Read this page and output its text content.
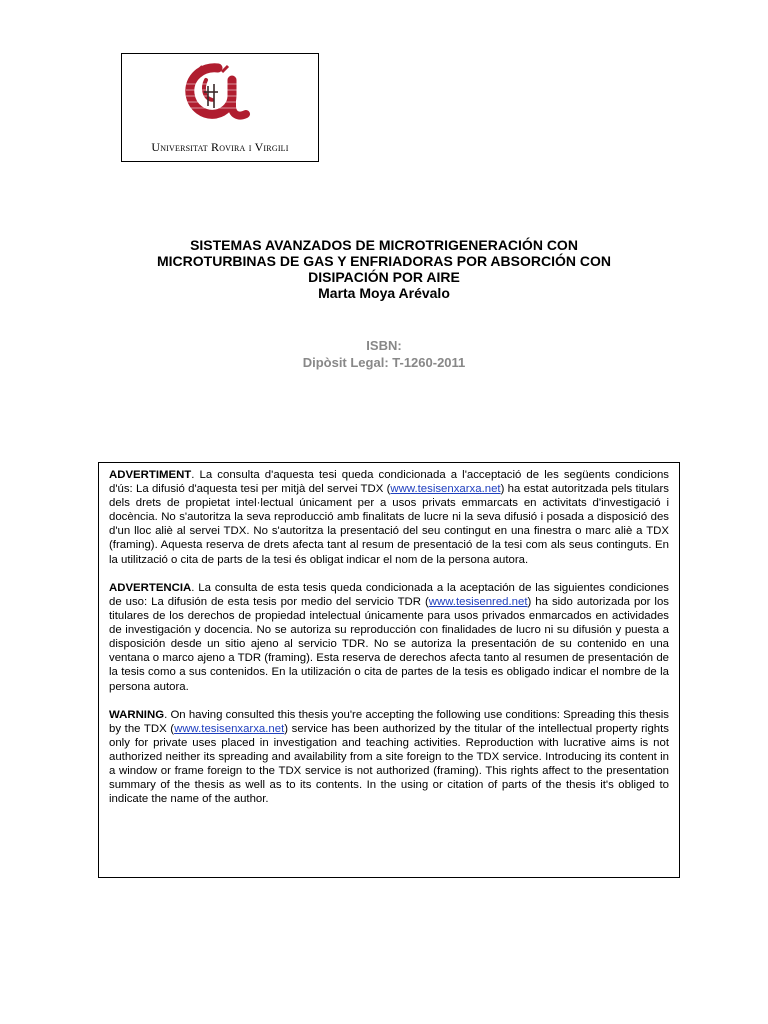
Universitat Rovira i Virgili
SISTEMAS AVANZADOS DE MICROTRIGENERACIÓN CON
MICROTURBINAS DE GAS Y ENFRIADORAS POR ABSORCIÓN CON
DISIPACIÓN POR AIRE
Marta Moya Arévalo
ISBN:
Dipòsit Legal: T-1260-2011

ADVERTIMENT. La consulta d'aquesta tesi queda condicionada a l'acceptació de les següents condicions d'ús: La difusió d'aquesta tesi per mitjà del servei TDX (www.tesisenxarxa.net) ha estat autoritzada pels titulars dels drets de propietat intel·lectual únicament per a usos privats emmarcats en activitats d'investigació i docència. No s'autoritza la seva reproducció amb finalitats de lucre ni la seva difusió i posada a disposició des d'un lloc aliè al servei TDX. No s'autoritza la presentació del seu contingut en una finestra o marc aliè a TDX (framing). Aquesta reserva de drets afecta tant al resum de presentació de la tesi com als seus continguts. En la utilització o cita de parts de la tesi és obligat indicar el nom de la persona autora.

ADVERTENCIA. La consulta de esta tesis queda condicionada a la aceptación de las siguientes condiciones de uso: La difusión de esta tesis por medio del servicio TDR (www.tesisenred.net) ha sido autorizada por los titulares de los derechos de propiedad intelectual únicamente para usos privados enmarcados en actividades de investigación y docencia. No se autoriza su reproducción con finalidades de lucro ni su difusión y puesta a disposición desde un sitio ajeno al servicio TDR. No se autoriza la presentación de su contenido en una ventana o marco ajeno a TDR (framing). Esta reserva de derechos afecta tanto al resumen de presentación de la tesis como a sus contenidos. En la utilización o cita de partes de la tesis es obligado indicar el nombre de la persona autora.

WARNING. On having consulted this thesis you're accepting the following use conditions: Spreading this thesis by the TDX (www.tesisenxarxa.net) service has been authorized by the titular of the intellectual property rights only for private uses placed in investigation and teaching activities. Reproduction with lucrative aims is not authorized neither its spreading and availability from a site foreign to the TDX service. Introducing its content in a window or frame foreign to the TDX service is not authorized (framing). This rights affect to the presentation summary of the thesis as well as to its contents. In the using or citation of parts of the thesis it's obliged to indicate the name of the author.
